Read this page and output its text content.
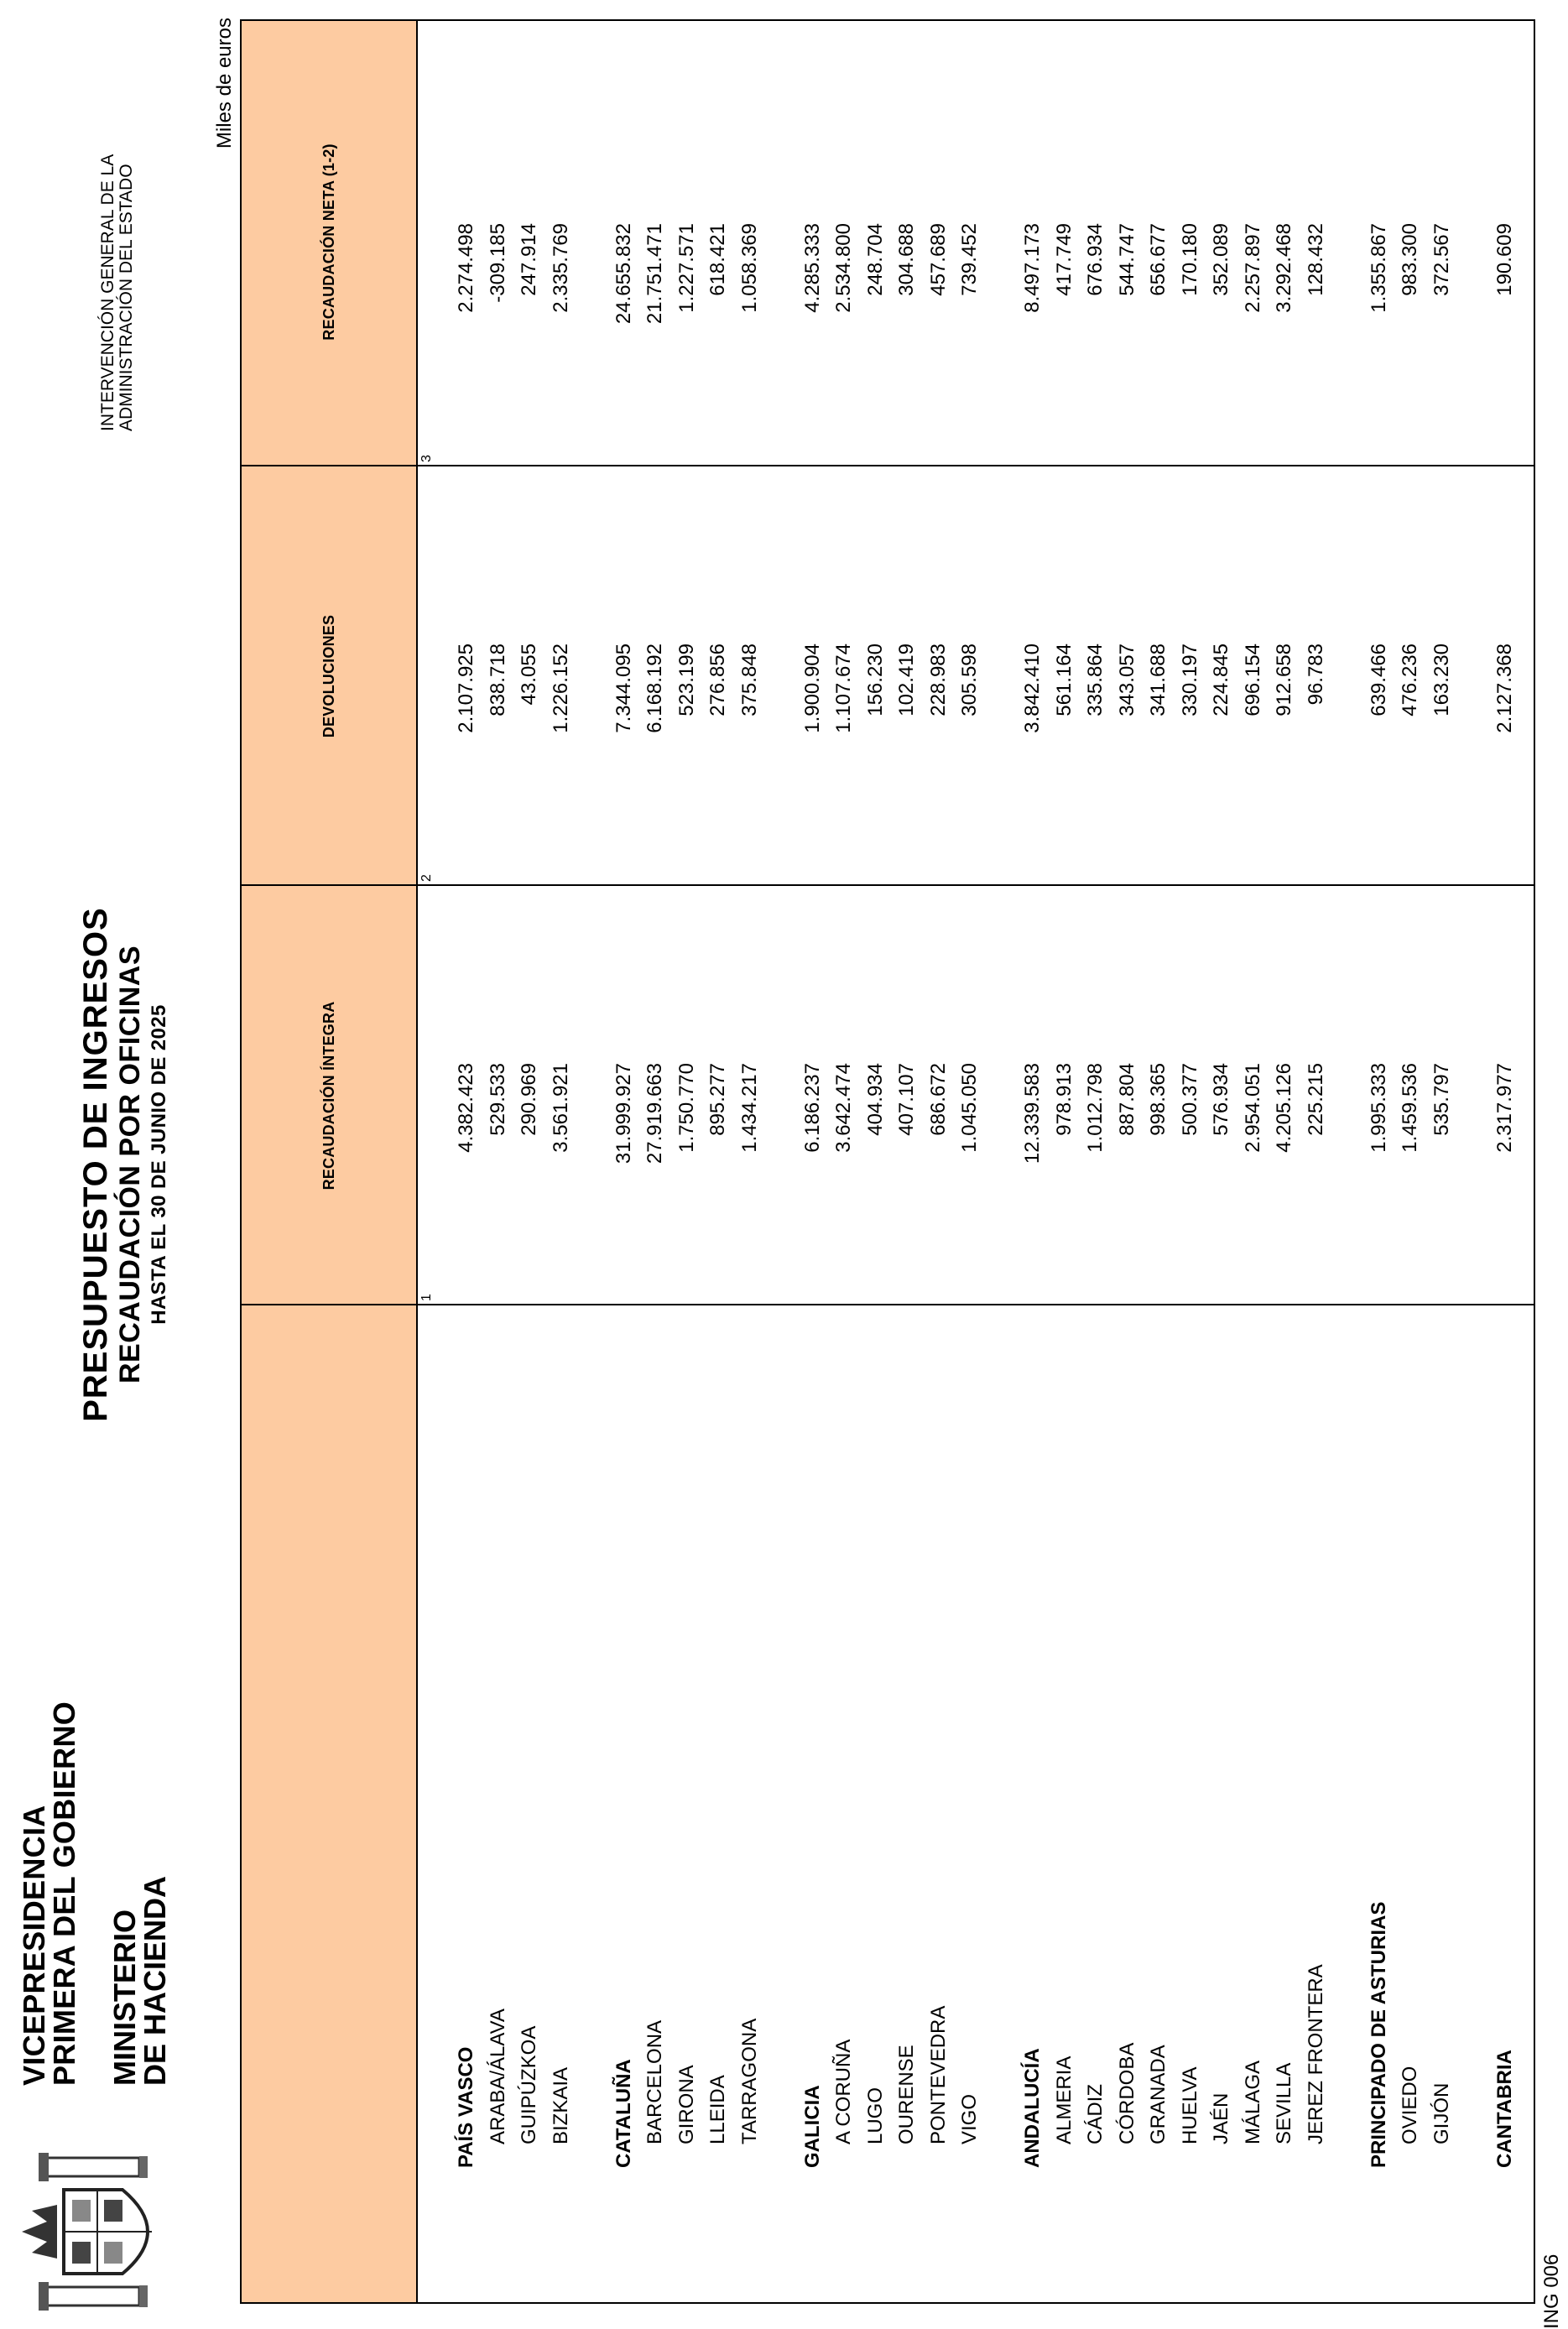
VICEPRESIDENCIA
PRIMERA DEL GOBIERNO MINISTERIO
DE HACIENDA
PRESUPUESTO DE INGRESOS RECAUDACIÓN POR OFICINAS HASTA EL 30 DE JUNIO DE 2025
INTERVENCIÓN GENERAL DE LA ADMINISTRACIÓN DEL ESTADO
Miles de euros
RECAUDACIÓN ÍNTEGRA
DEVOLUCIONES
RECAUDACIÓN NETA (1-2)
1
2
3
PAÍS VASCO
4.382.423
2.107.925
2.274.498
ARABA/ÁLAVA
529.533
838.718
-309.185
GUIPÚZKOA
290.969
43.055
247.914
BIZKAIA
3.561.921
1.226.152
2.335.769
CATALUÑA
31.999.927
7.344.095
24.655.832
BARCELONA
27.919.663
6.168.192
21.751.471
GIRONA
1.750.770
523.199
1.227.571
LLEIDA
895.277
276.856
618.421
TARRAGONA
1.434.217
375.848
1.058.369
GALICIA
6.186.237
1.900.904
4.285.333
A CORUÑA
3.642.474
1.107.674
2.534.800
LUGO
404.934
156.230
248.704
OURENSE
407.107
102.419
304.688
PONTEVEDRA
686.672
228.983
457.689
VIGO
1.045.050
305.598
739.452
ANDALUCÍA
12.339.583
3.842.410
8.497.173
ALMERIA
978.913
561.164
417.749
CÁDIZ
1.012.798
335.864
676.934
CÓRDOBA
887.804
343.057
544.747
GRANADA
998.365
341.688
656.677
HUELVA
500.377
330.197
170.180
JAÉN
576.934
224.845
352.089
MÁLAGA
2.954.051
696.154
2.257.897
SEVILLA
4.205.126
912.658
3.292.468
JEREZ FRONTERA
225.215
96.783
128.432
PRINCIPADO DE ASTURIAS
1.995.333
639.466
1.355.867
OVIEDO
1.459.536
476.236
983.300
GIJÓN
535.797
163.230
372.567
CANTABRIA
2.317.977
2.127.368
190.609
ING 006
